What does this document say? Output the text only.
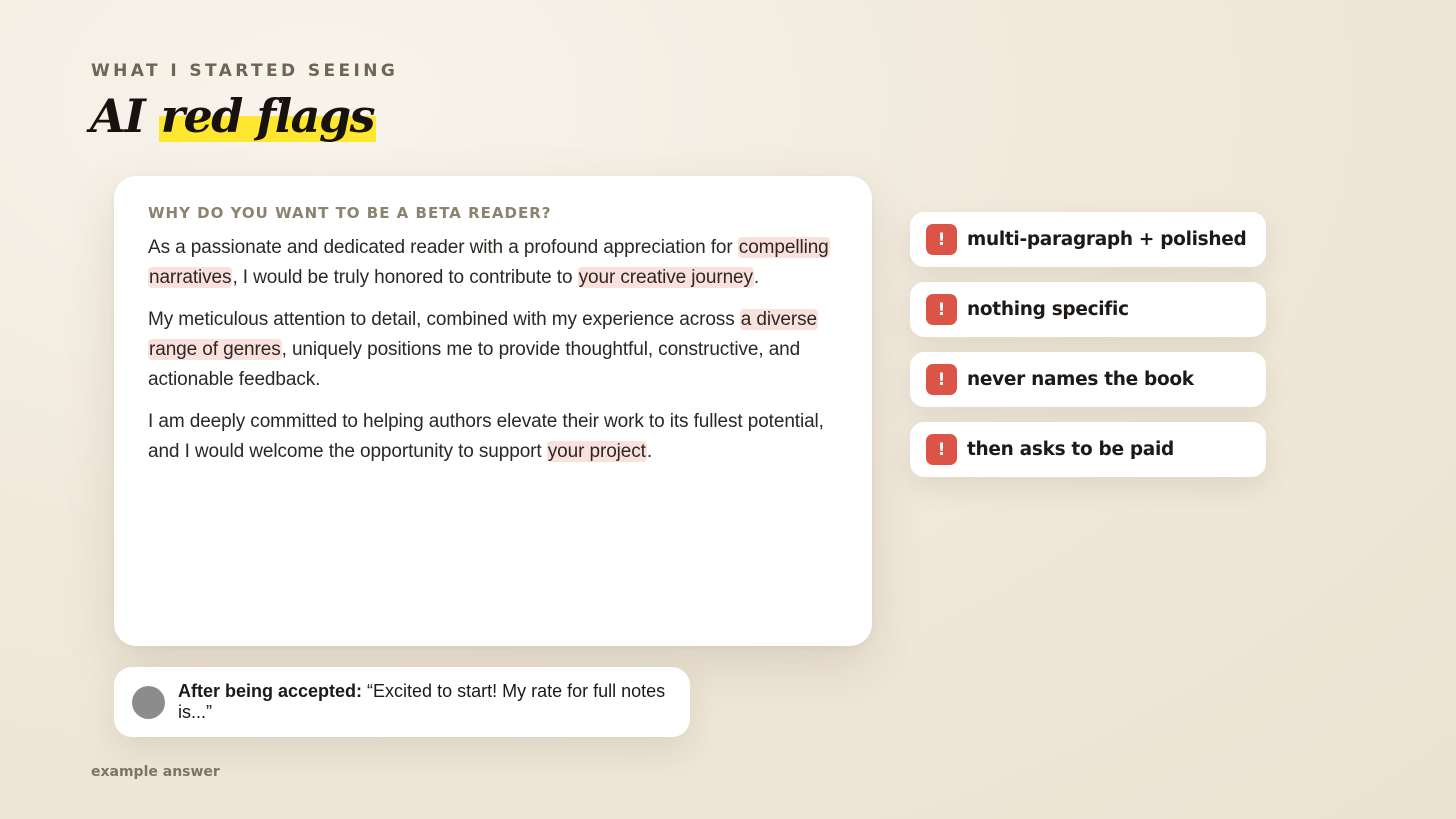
WHAT I STARTED SEEING
AI red flags
WHY DO YOU WANT TO BE A BETA READER?

As a passionate and dedicated reader with a profound appreciation for compelling narratives, I would be truly honored to contribute to your creative journey.

My meticulous attention to detail, combined with my experience across a diverse range of genres, uniquely positions me to provide thoughtful, constructive, and actionable feedback.

I am deeply committed to helping authors elevate their work to its fullest potential, and I would welcome the opportunity to support your project.

!	multi-paragraph + polished
!	nothing specific
!	never names the book
!	then asks to be paid
After being accepted: “Excited to start! My rate for full notes is...”
example answer
